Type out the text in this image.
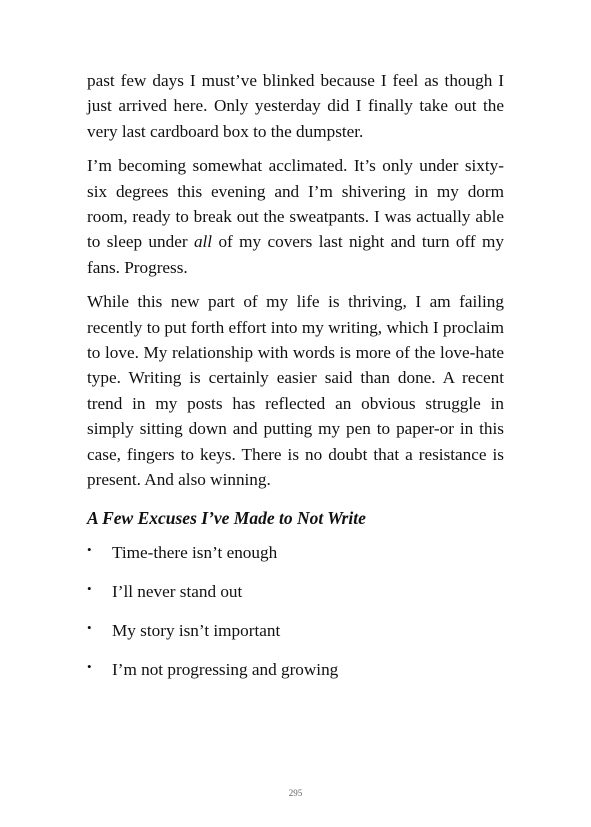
past few days I must’ve blinked because I feel as though I just arrived here. Only yesterday did I finally take out the very last cardboard box to the dumpster.

I’m becoming somewhat acclimated. It’s only under sixty-six degrees this evening and I’m shivering in my dorm room, ready to break out the sweatpants. I was actually able to sleep under all of my covers last night and turn off my fans. Progress.

While this new part of my life is thriving, I am failing recently to put forth effort into my writing, which I proclaim to love. My relationship with words is more of the love-hate type. Writing is certainly easier said than done. A recent trend in my posts has reflected an obvious struggle in simply sitting down and putting my pen to paper-or in this case, fingers to keys. There is no doubt that a resistance is present. And also winning.

A Few Excuses I’ve Made to Not Write
• Time-there isn’t enough
• I’ll never stand out
• My story isn’t important
• I’m not progressing and growing
295
